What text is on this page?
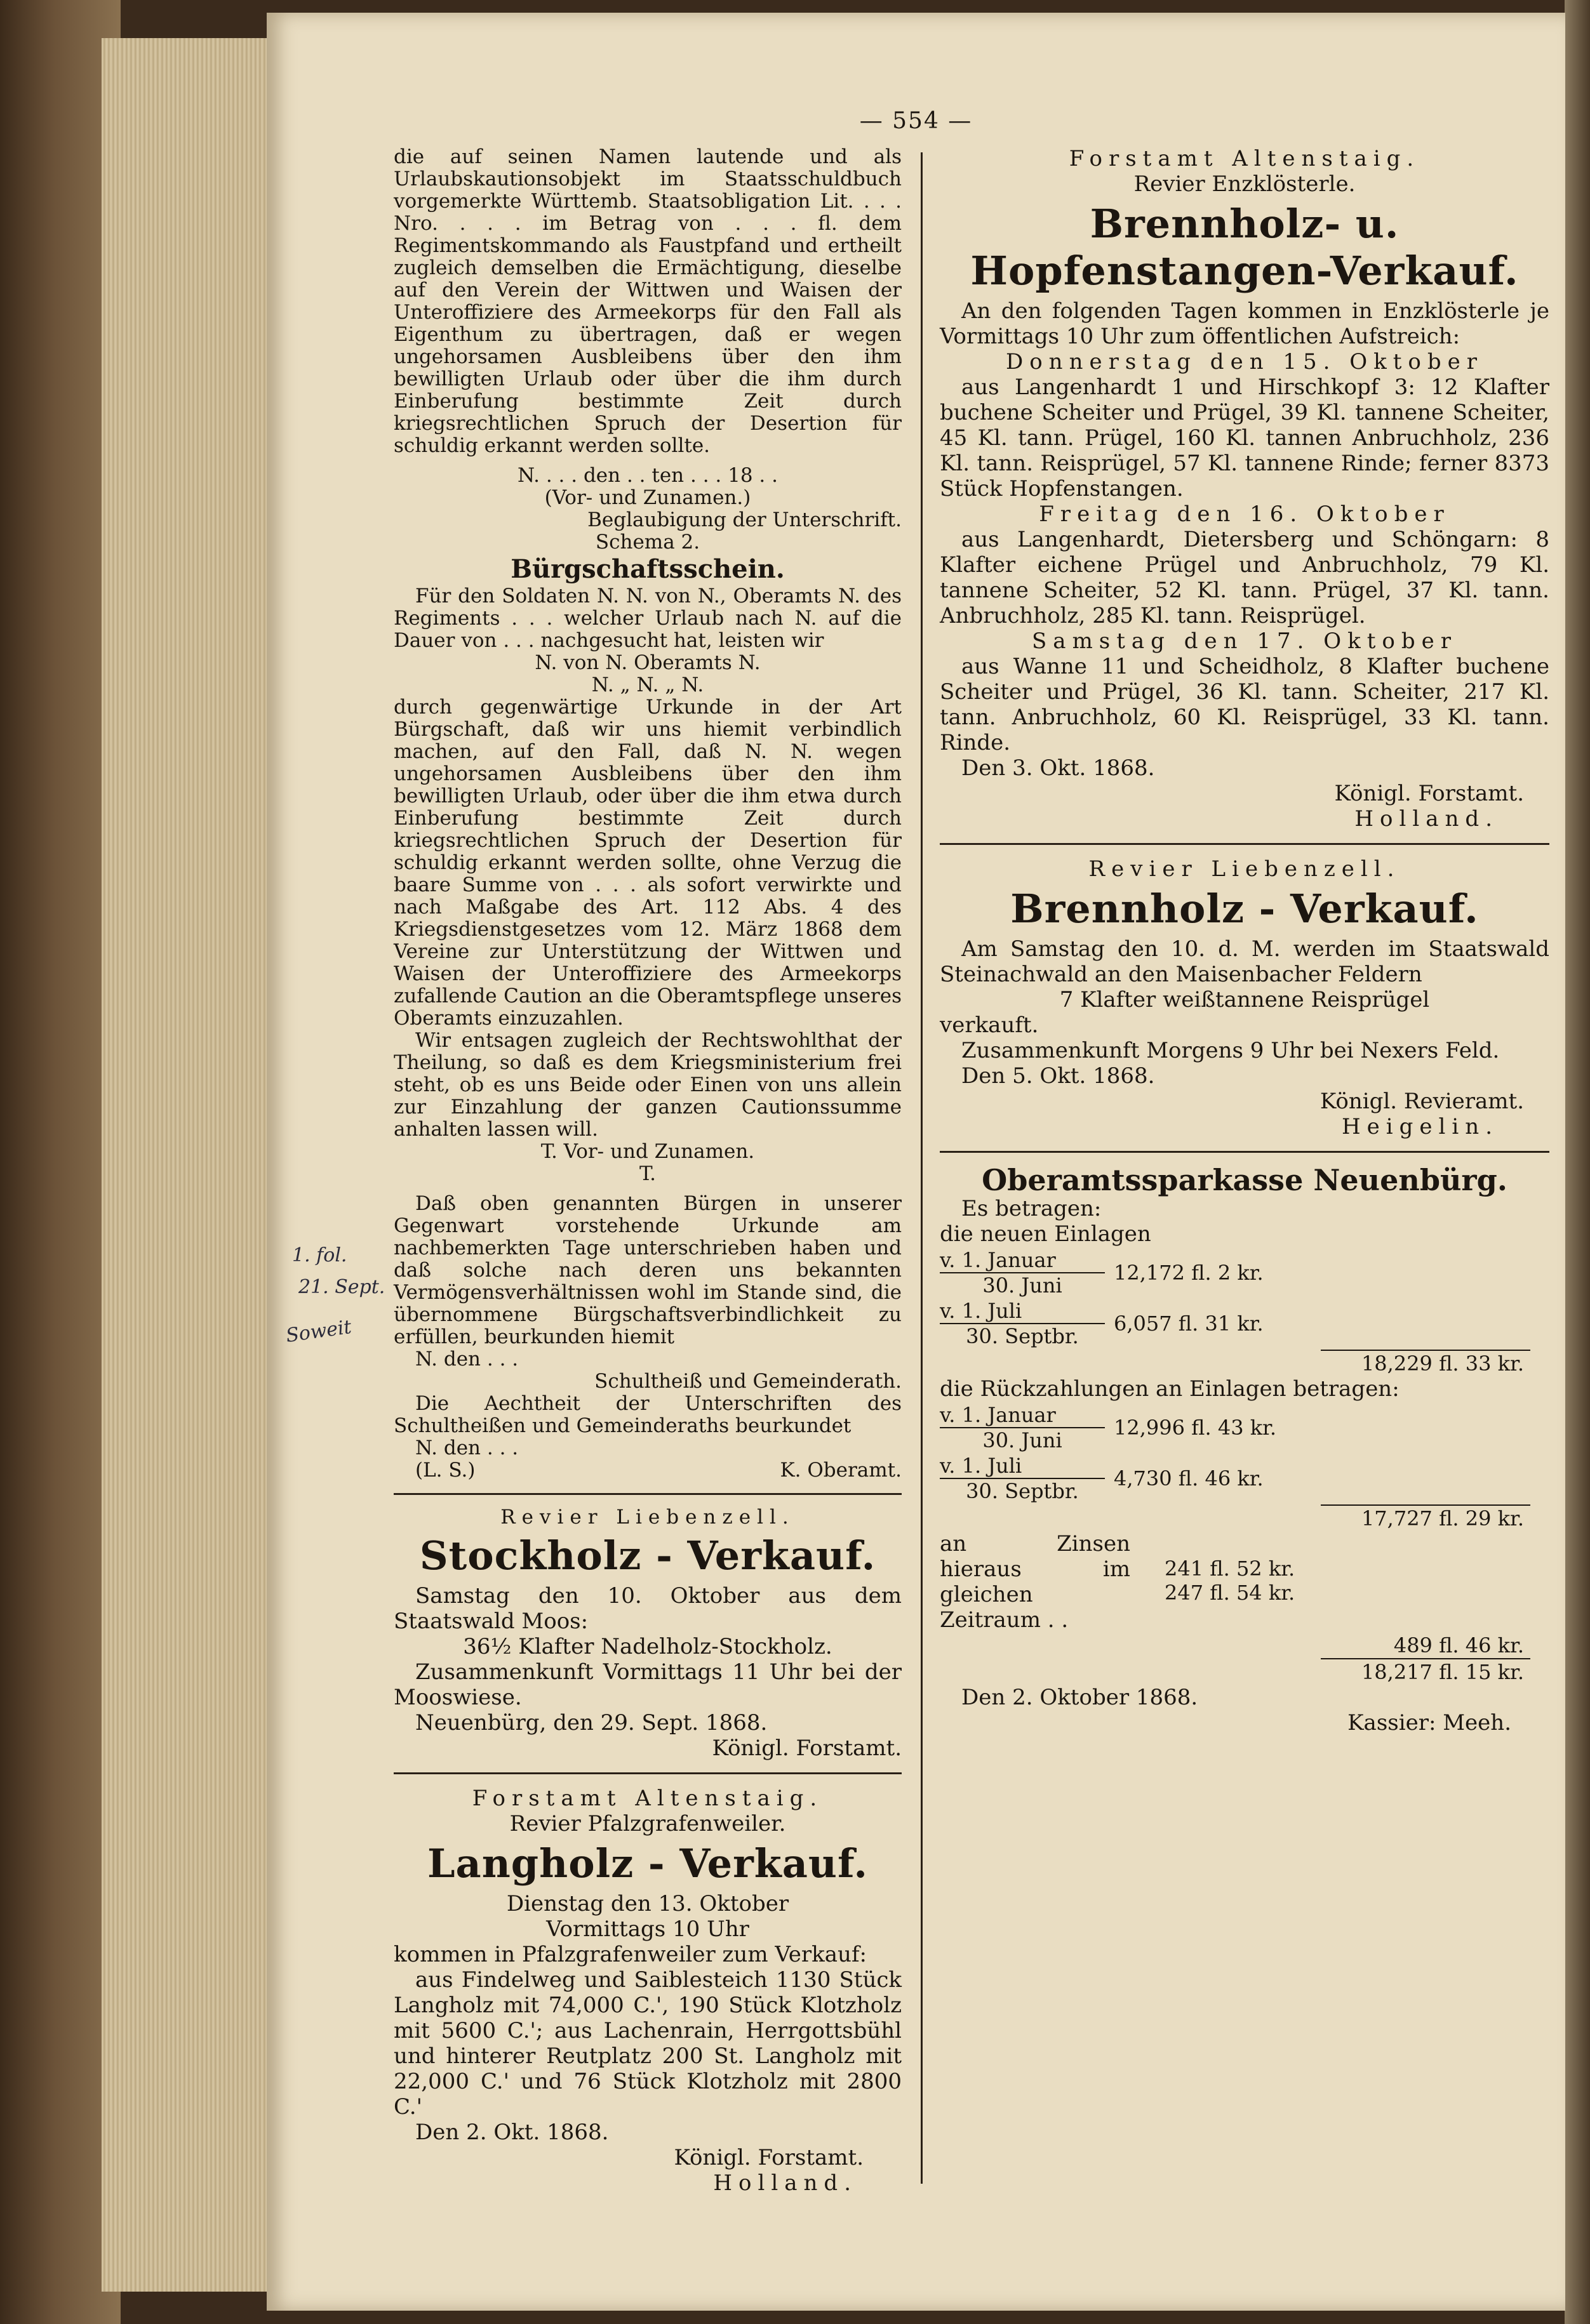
— 554 —

die auf seinen Namen lautende und als Urlaubskautionsobjekt im Staatsschuldbuch vorgemerkte Württemb. Staatsobligation Lit. . . . Nro. . . . im Betrag von . . . fl. dem Regimentskommando als Faustpfand und ertheilt zugleich demselben die Ermächtigung, dieselbe auf den Verein der Wittwen und Waisen der Unteroffiziere des Armeekorps für den Fall als Eigenthum zu übertragen, daß er wegen ungehorsamen Ausbleibens über den ihm bewilligten Urlaub oder über die ihm durch Einberufung bestimmte Zeit durch kriegsrechtlichen Spruch der Desertion für schuldig erkannt werden sollte.

N. . . . den . . ten . . . 18 . .

(Vor- und Zunamen.)

Beglaubigung der Unterschrift.

Schema 2.

Bürgschaftsschein.

Für den Soldaten N. N. von N., Oberamts N. des Regiments . . . welcher Urlaub nach N. auf die Dauer von . . . nachgesucht hat, leisten wir

N. von N. Oberamts N.

N. „ N. „ N.

durch gegenwärtige Urkunde in der Art Bürgschaft, daß wir uns hiemit verbindlich machen, auf den Fall, daß N. N. wegen ungehorsamen Ausbleibens über den ihm bewilligten Urlaub, oder über die ihm etwa durch Einberufung bestimmte Zeit durch kriegsrechtlichen Spruch der Desertion für schuldig erkannt werden sollte, ohne Verzug die baare Summe von . . . als sofort verwirkte und nach Maßgabe des Art. 112 Abs. 4 des Kriegsdienstgesetzes vom 12. März 1868 dem Vereine zur Unterstützung der Wittwen und Waisen der Unteroffiziere des Armeekorps zufallende Caution an die Oberamtspflege unseres Oberamts einzuzahlen.

Wir entsagen zugleich der Rechtswohlthat der Theilung, so daß es dem Kriegsministerium frei steht, ob es uns Beide oder Einen von uns allein zur Einzahlung der ganzen Cautionssumme anhalten lassen will.

T. Vor- und Zunamen.

T.

Daß oben genannten Bürgen in unserer Gegenwart vorstehende Urkunde am nachbemerkten Tage unterschrieben haben und daß solche nach deren uns bekannten Vermögensverhältnissen wohl im Stande sind, die übernommene Bürgschaftsverbindlichkeit zu erfüllen, beurkunden hiemit

N. den . . .

Schultheiß und Gemeinderath.

Die Aechtheit der Unterschriften des Schultheißen und Gemeinderaths beurkundet

N. den . . .

(L. S.)	K. Oberamt.

Revier Liebenzell.

Stockholz - Verkauf.

Samstag den 10. Oktober aus dem Staatswald Moos:

36½ Klafter Nadelholz-Stockholz.

Zusammenkunft Vormittags 11 Uhr bei der Mooswiese.

Neuenbürg, den 29. Sept. 1868.

Königl. Forstamt.

Forstamt Altenstaig.

Revier Pfalzgrafenweiler.

Langholz - Verkauf.

Dienstag den 13. Oktober

Vormittags 10 Uhr

kommen in Pfalzgrafenweiler zum Verkauf:

aus Findelweg und Saiblesteich 1130 Stück Langholz mit 74,000 C.', 190 Stück Klotzholz mit 5600 C.'; aus Lachenrain, Herrgottsbühl und hinterer Reutplatz 200 St. Langholz mit 22,000 C.' und 76 Stück Klotzholz mit 2800 C.'

Den 2. Okt. 1868.

Königl. Forstamt.

Holland.

Forstamt Altenstaig.

Revier Enzklösterle.

Brennholz- u. Hopfenstangen-Verkauf.

An den folgenden Tagen kommen in Enzklösterle je Vormittags 10 Uhr zum öffentlichen Aufstreich:

Donnerstag den 15. Oktober

aus Langenhardt 1 und Hirschkopf 3: 12 Klafter buchene Scheiter und Prügel, 39 Kl. tannene Scheiter, 45 Kl. tann. Prügel, 160 Kl. tannen Anbruchholz, 236 Kl. tann. Reisprügel, 57 Kl. tannene Rinde; ferner 8373 Stück Hopfenstangen.

Freitag den 16. Oktober

aus Langenhardt, Dietersberg und Schöngarn: 8 Klafter eichene Prügel und Anbruchholz, 79 Kl. tannene Scheiter, 52 Kl. tann. Prügel, 37 Kl. tann. Anbruchholz, 285 Kl. tann. Reisprügel.

Samstag den 17. Oktober

aus Wanne 11 und Scheidholz, 8 Klafter buchene Scheiter und Prügel, 36 Kl. tann. Scheiter, 217 Kl. tann. Anbruchholz, 60 Kl. Reisprügel, 33 Kl. tann. Rinde.

Den 3. Okt. 1868.

Königl. Forstamt.

Holland.

Revier Liebenzell.

Brennholz - Verkauf.

Am Samstag den 10. d. M. werden im Staatswald Steinachwald an den Maisenbacher Feldern

7 Klafter weißtannene Reisprügel

verkauft.

Zusammenkunft Morgens 9 Uhr bei Nexers Feld.

Den 5. Okt. 1868.

Königl. Revieramt.

Heigelin.

Oberamtssparkasse Neuenbürg.

Es betragen:

die neuen Einlagen

$\frac{\text{v. 1. Januar}}{\text{30. Juni}} 12,172$ fl. 2 kr.
$\frac{\text{v. 1. Juli}}{\text{30. Septbr.}} 6,057$ fl. 31 kr.
18,229 fl. 33 kr.

die Rückzahlungen an Einlagen betragen:

$\frac{\text{v. 1. Januar}}{\text{30. Juni}} 12,996$ fl. 43 kr.
$\frac{\text{v. 1. Juli}}{\text{30. Septbr.}} 4,730$ fl. 46 kr.
17,727 fl. 29 kr.

an Zinsen hieraus im gleichen Zeitraum . .

241 fl. 52 kr.
247 fl. 54 kr.
489 fl. 46 kr.
18,217 fl. 15 kr.

Den 2. Oktober 1868.

Kassier: Meeh.

1. fol.
21. Sept.
Soweit
